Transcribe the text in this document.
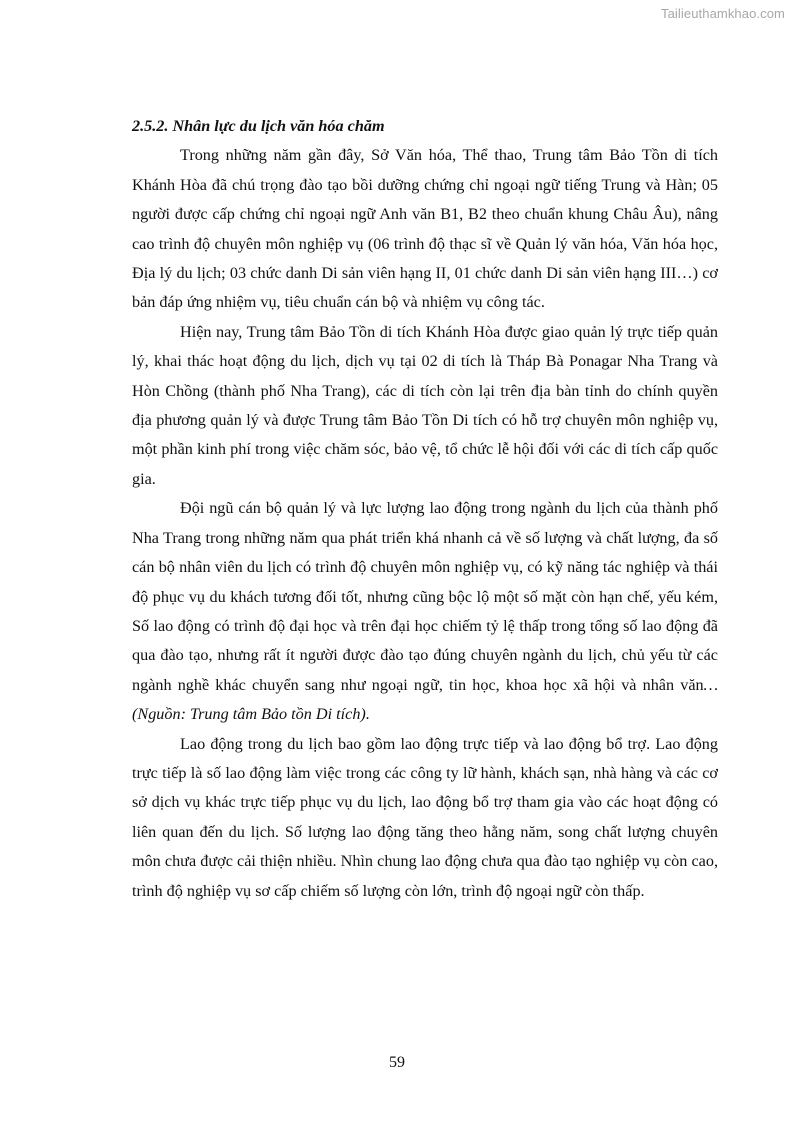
Tailieuthamkhao.com
2.5.2. Nhân lực du lịch văn hóa chăm

Trong những năm gần đây, Sở Văn hóa, Thể thao, Trung tâm Bảo Tồn di tích Khánh Hòa đã chú trọng đào tạo bồi dưỡng chứng chỉ ngoại ngữ tiếng Trung và Hàn; 05 người được cấp chứng chỉ ngoại ngữ Anh văn B1, B2 theo chuẩn khung Châu Âu), nâng cao trình độ chuyên môn nghiệp vụ (06 trình độ thạc sĩ về Quản lý văn hóa, Văn hóa học, Địa lý du lịch; 03 chức danh Di sản viên hạng II, 01 chức danh Di sản viên hạng III…) cơ bản đáp ứng nhiệm vụ, tiêu chuẩn cán bộ và nhiệm vụ công tác.

Hiện nay, Trung tâm Bảo Tồn di tích Khánh Hòa được giao quản lý trực tiếp quản lý, khai thác hoạt động du lịch, dịch vụ tại 02 di tích là Tháp Bà Ponagar Nha Trang và Hòn Chồng (thành phố Nha Trang), các di tích còn lại trên địa bàn tỉnh do chính quyền địa phương quản lý và được Trung tâm Bảo Tồn Di tích có hỗ trợ chuyên môn nghiệp vụ, một phần kinh phí trong việc chăm sóc, bảo vệ, tổ chức lễ hội đối với các di tích cấp quốc gia.

Đội ngũ cán bộ quản lý và lực lượng lao động trong ngành du lịch của thành phố Nha Trang trong những năm qua phát triển khá nhanh cả về số lượng và chất lượng, đa số cán bộ nhân viên du lịch có trình độ chuyên môn nghiệp vụ, có kỹ năng tác nghiệp và thái độ phục vụ du khách tương đối tốt, nhưng cũng bộc lộ một số mặt còn hạn chế, yếu kém, Số lao động có trình độ đại học và trên đại học chiếm tỷ lệ thấp trong tổng số lao động đã qua đào tạo, nhưng rất ít người được đào tạo đúng chuyên ngành du lịch, chủ yếu từ các ngành nghề khác chuyển sang như ngoại ngữ, tin học, khoa học xã hội và nhân văn…(Nguồn: Trung tâm Bảo tồn Di tích).

Lao động trong du lịch bao gồm lao động trực tiếp và lao động bổ trợ. Lao động trực tiếp là số lao động làm việc trong các công ty lữ hành, khách sạn, nhà hàng và các cơ sở dịch vụ khác trực tiếp phục vụ du lịch, lao động bổ trợ tham gia vào các hoạt động có liên quan đến du lịch. Số lượng lao động tăng theo hằng năm, song chất lượng chuyên môn chưa được cải thiện nhiều. Nhìn chung lao động chưa qua đào tạo nghiệp vụ còn cao, trình độ nghiệp vụ sơ cấp chiếm số lượng còn lớn, trình độ ngoại ngữ còn thấp.

59
